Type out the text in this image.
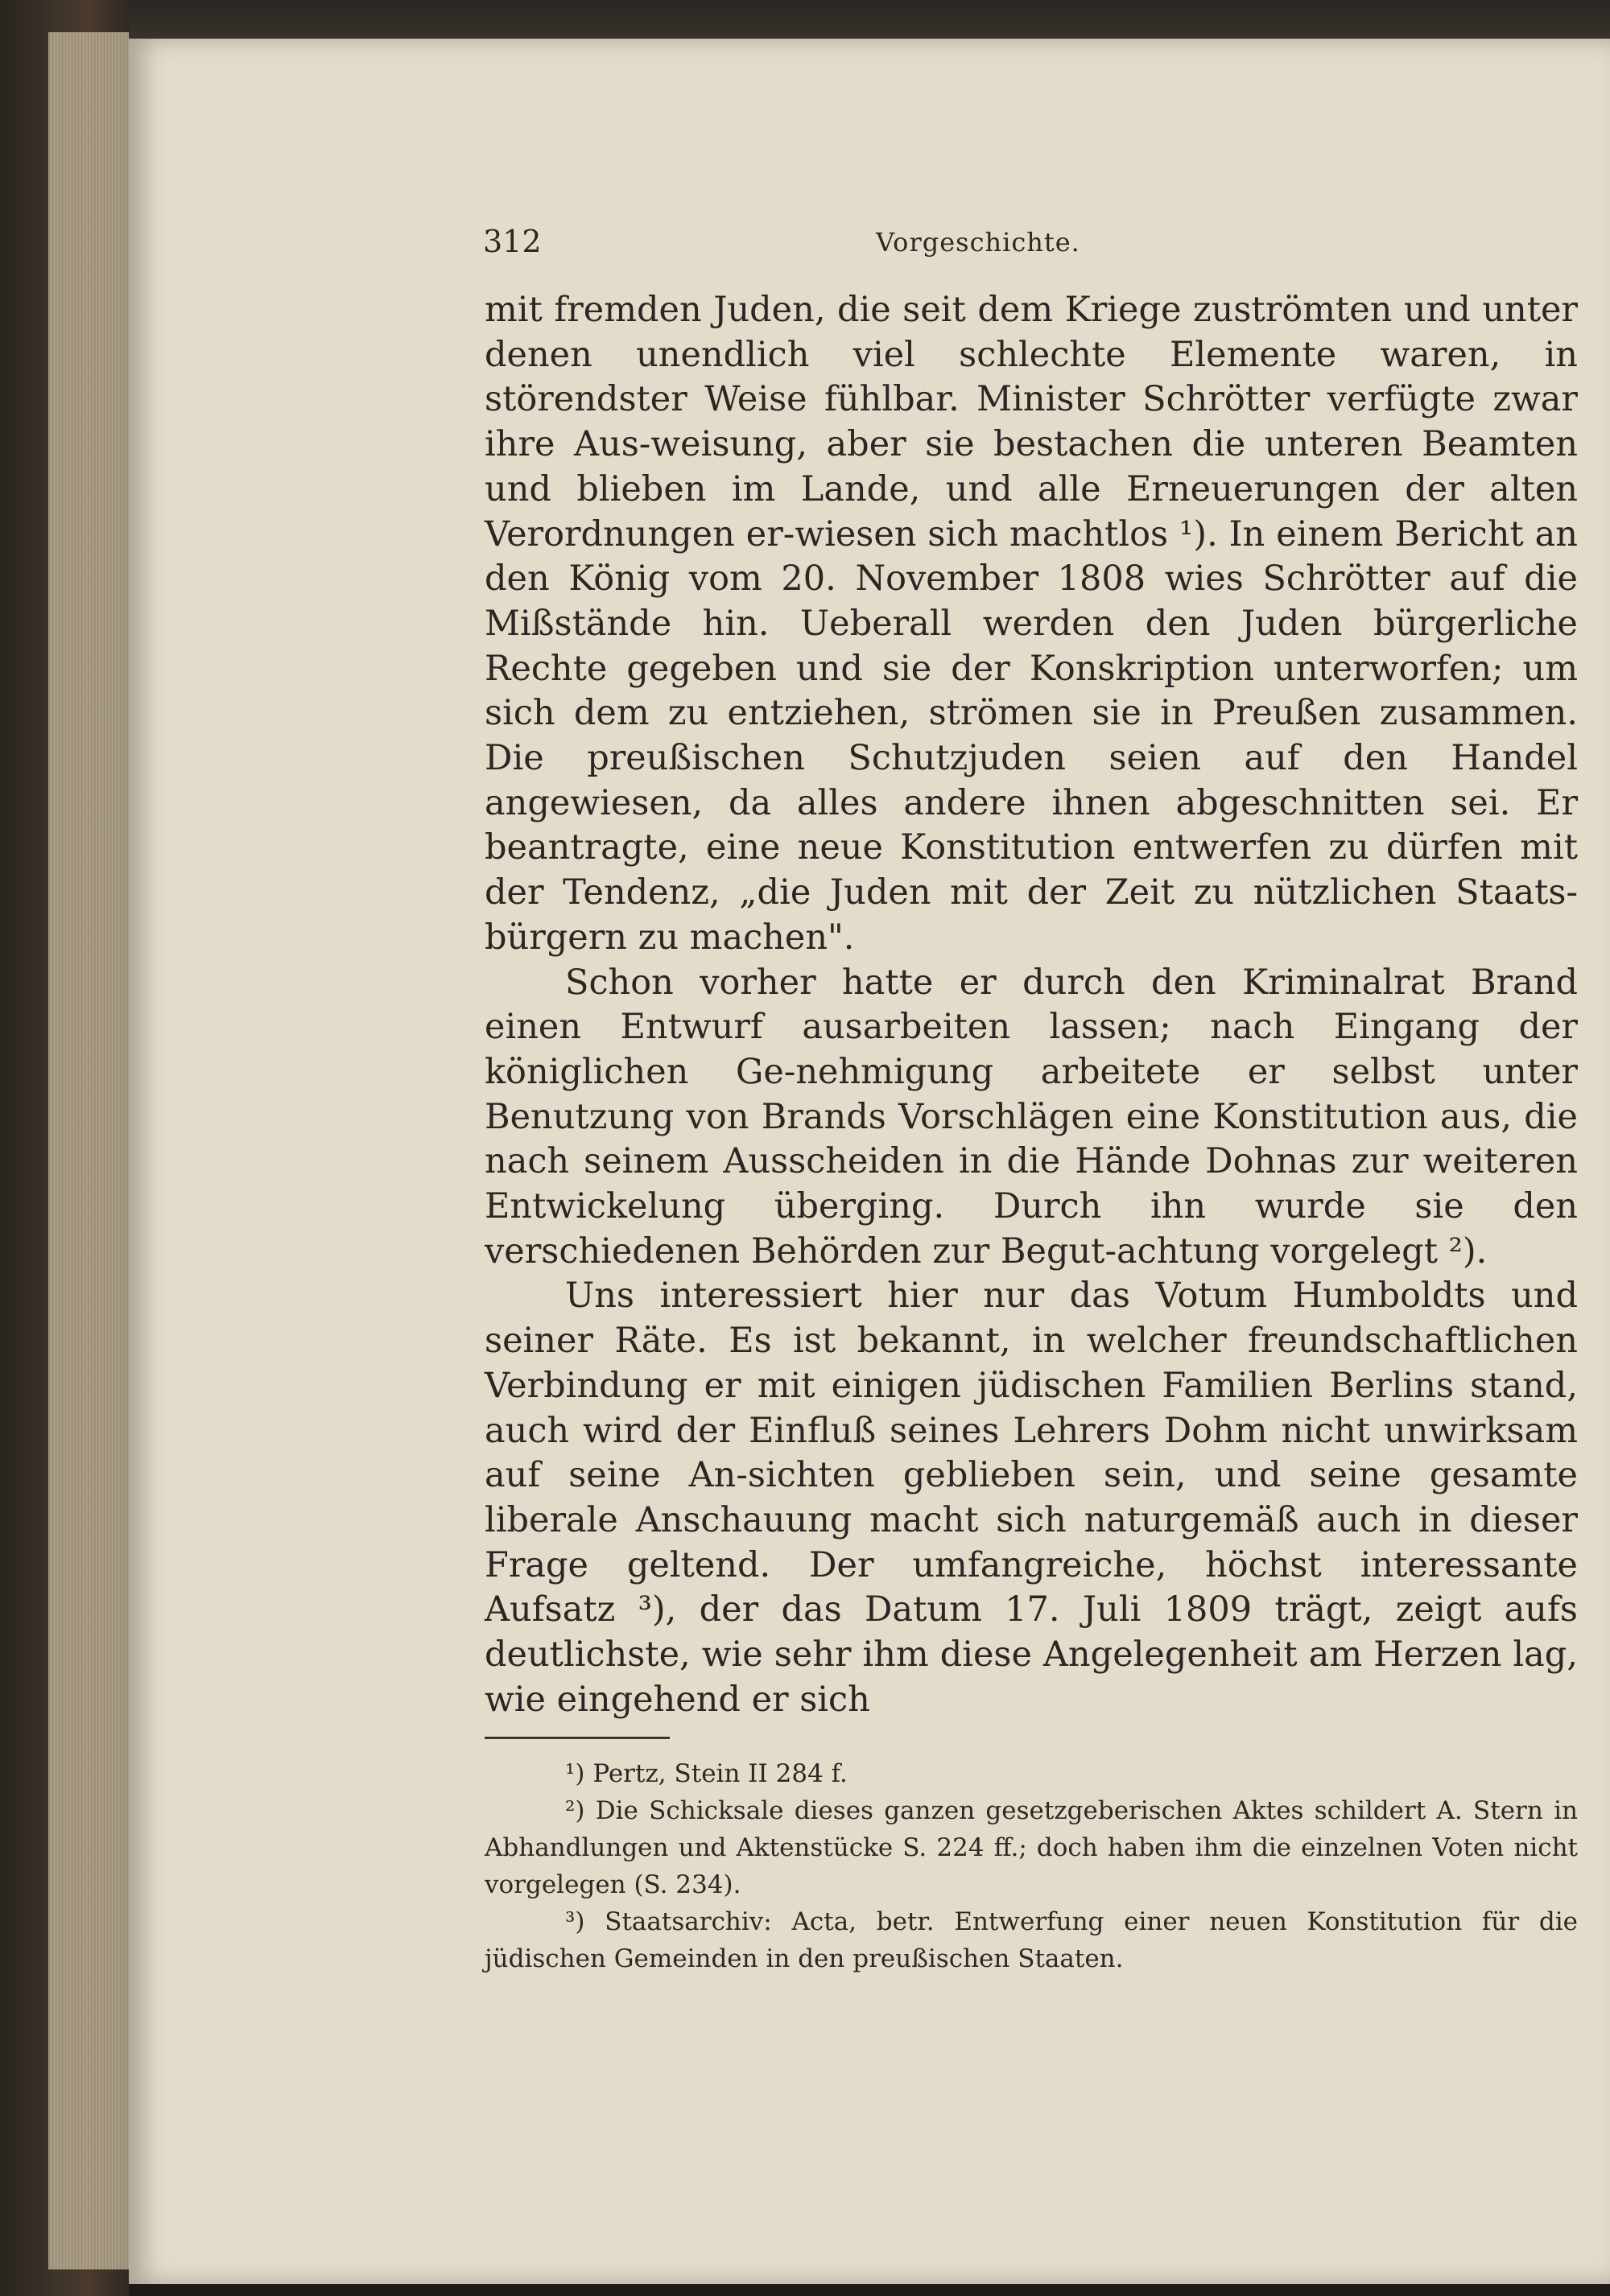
312	Vorgeschichte.

mit fremden Juden, die seit dem Kriege zuströmten und unter denen unendlich viel schlechte Elemente waren, in störendster Weise fühlbar. Minister Schrötter verfügte zwar ihre Aus-weisung, aber sie bestachen die unteren Beamten und blieben im Lande, und alle Erneuerungen der alten Verordnungen er-wiesen sich machtlos ¹). In einem Bericht an den König vom 20. November 1808 wies Schrötter auf die Mißstände hin. Ueberall werden den Juden bürgerliche Rechte gegeben und sie der Konskription unterworfen; um sich dem zu entziehen, strömen sie in Preußen zusammen. Die preußischen Schutzjuden seien auf den Handel angewiesen, da alles andere ihnen abgeschnitten sei. Er beantragte, eine neue Konstitution entwerfen zu dürfen mit der Tendenz, „die Juden mit der Zeit zu nützlichen Staats-bürgern zu machen".

Schon vorher hatte er durch den Kriminalrat Brand einen Entwurf ausarbeiten lassen; nach Eingang der königlichen Ge-nehmigung arbeitete er selbst unter Benutzung von Brands Vorschlägen eine Konstitution aus, die nach seinem Ausscheiden in die Hände Dohnas zur weiteren Entwickelung überging. Durch ihn wurde sie den verschiedenen Behörden zur Begut-achtung vorgelegt ²).

Uns interessiert hier nur das Votum Humboldts und seiner Räte. Es ist bekannt, in welcher freundschaftlichen Verbindung er mit einigen jüdischen Familien Berlins stand, auch wird der Einfluß seines Lehrers Dohm nicht unwirksam auf seine An-sichten geblieben sein, und seine gesamte liberale Anschauung macht sich naturgemäß auch in dieser Frage geltend. Der umfangreiche, höchst interessante Aufsatz ³), der das Datum 17. Juli 1809 trägt, zeigt aufs deutlichste, wie sehr ihm diese Angelegenheit am Herzen lag, wie eingehend er sich

¹) Pertz, Stein II 284 f.

²) Die Schicksale dieses ganzen gesetzgeberischen Aktes schildert A. Stern in Abhandlungen und Aktenstücke S. 224 ff.; doch haben ihm die einzelnen Voten nicht vorgelegen (S. 234).

³) Staatsarchiv: Acta, betr. Entwerfung einer neuen Konstitution für die jüdischen Gemeinden in den preußischen Staaten.
